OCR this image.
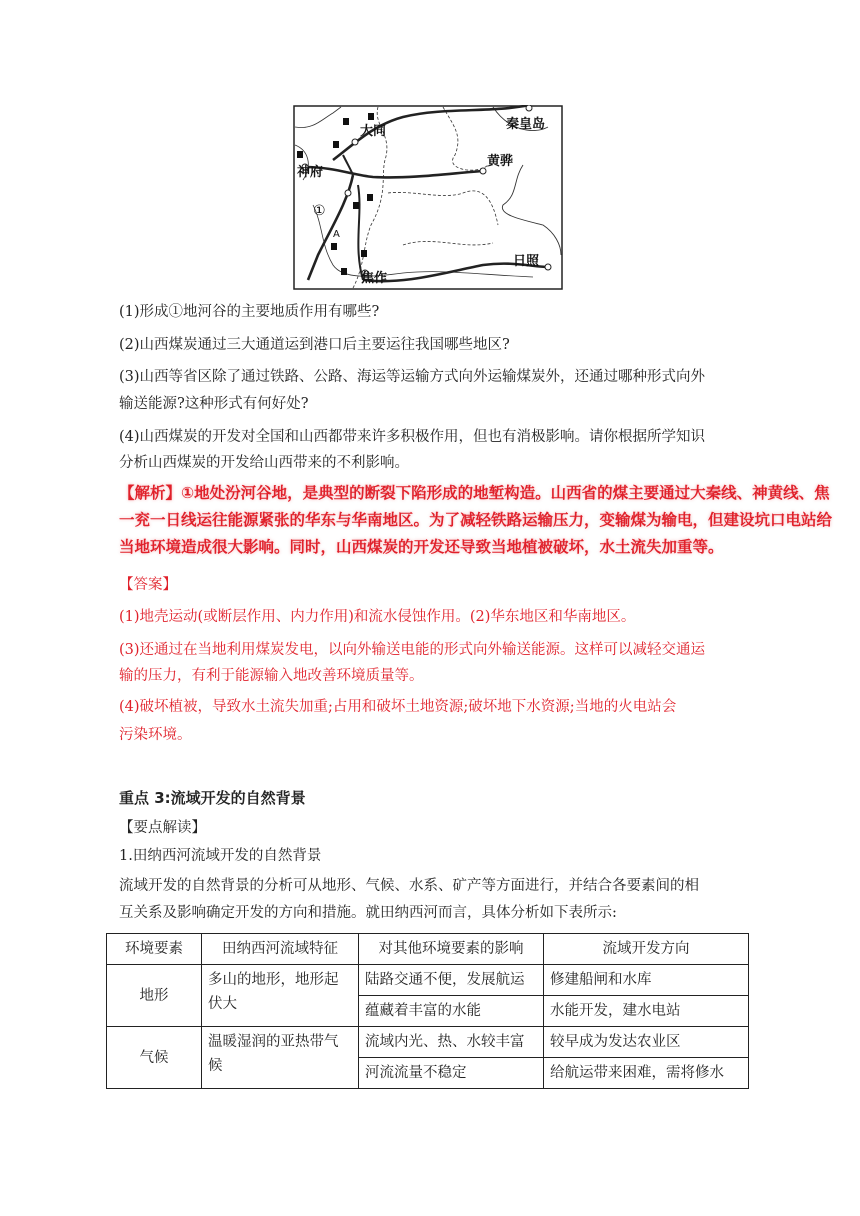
秦皇岛
大同
黄骅
神府
①
A
焦作
日照
(1)形成①地河谷的主要地质作用有哪些?
(2)山西煤炭通过三大通道运到港口后主要运往我国哪些地区?
(3)山西等省区除了通过铁路、公路、海运等运输方式向外运输煤炭外，还通过哪种形式向外
输送能源?这种形式有何好处?
(4)山西煤炭的开发对全国和山西都带来许多积极作用，但也有消极影响。请你根据所学知识
分析山西煤炭的开发给山西带来的不利影响。
【解析】①地处汾河谷地，是典型的断裂下陷形成的地堑构造。山西省的煤主要通过大秦线、神黄线、焦
一兖一日线运往能源紧张的华东与华南地区。为了减轻铁路运输压力，变输煤为输电，但建设坑口电站给
当地环境造成很大影响。同时，山西煤炭的开发还导致当地植被破坏，水土流失加重等。
【答案】
(1)地壳运动(或断层作用、内力作用)和流水侵蚀作用。(2)华东地区和华南地区。
(3)还通过在当地利用煤炭发电，以向外输送电能的形式向外输送能源。这样可以减轻交通运
输的压力，有利于能源输入地改善环境质量等。
(4)破坏植被，导致水土流失加重;占用和破坏土地资源;破坏地下水资源;当地的火电站会
污染环境。
重点 3:流域开发的自然背景
【要点解读】
1.田纳西河流域开发的自然背景
流域开发的自然背景的分析可从地形、气候、水系、矿产等方面进行，并结合各要素间的相
互关系及影响确定开发的方向和措施。就田纳西河而言，具体分析如下表所示:
环境要素	田纳西河流域特征	对其他环境要素的影响	流域开发方向
地形	多山的地形，地形起
伏大	陆路交通不便，发展航运	修建船闸和水库
		蕴藏着丰富的水能	水能开发，建水电站
气候	温暖湿润的亚热带气
候	流域内光、热、水较丰富	较早成为发达农业区
		河流流量不稳定	给航运带来困难，需将修水
